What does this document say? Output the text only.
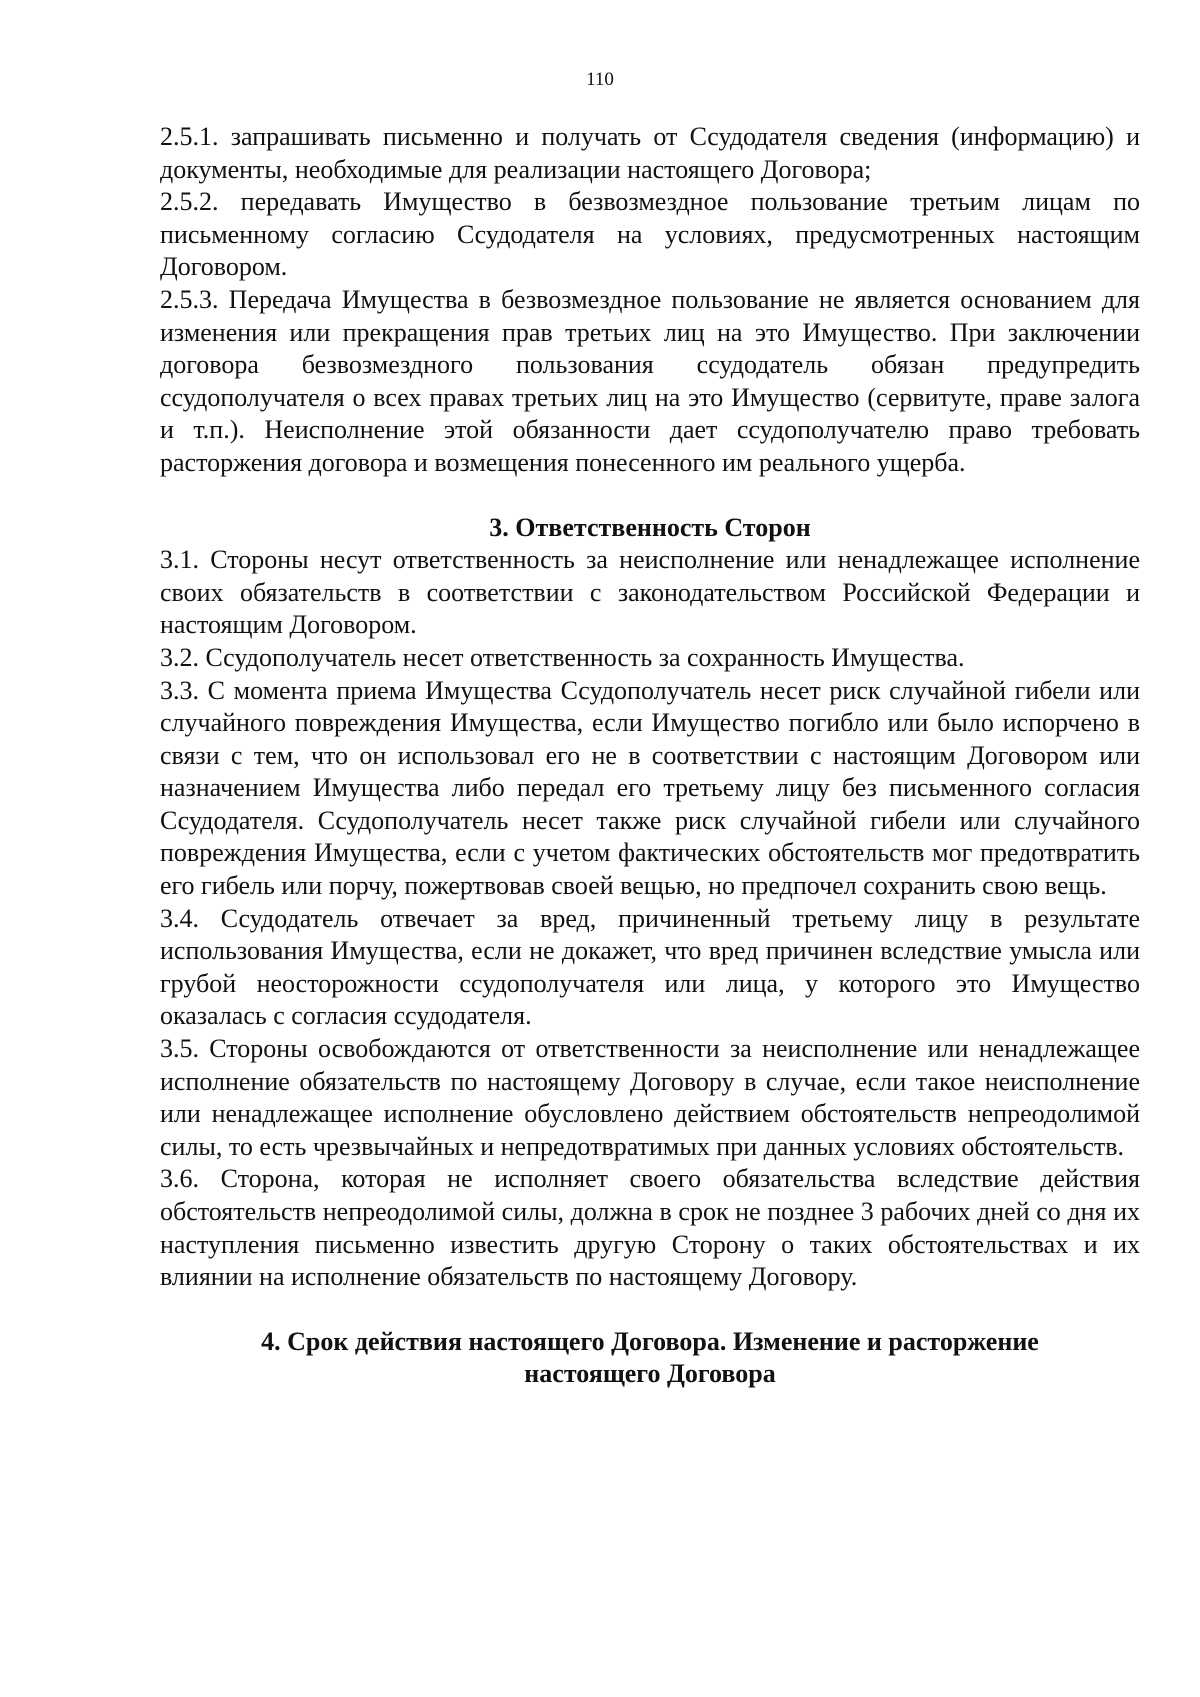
110

2.5.1. запрашивать письменно и получать от Ссудодателя сведения (информацию) и документы, необходимые для реализации настоящего Договора;

2.5.2. передавать Имущество в безвозмездное пользование третьим лицам по письменному согласию Ссудодателя на условиях, предусмотренных настоящим Договором.

2.5.3. Передача Имущества в безвозмездное пользование не является основанием для изменения или прекращения прав третьих лиц на это Имущество. При заключении договора безвозмездного пользования ссудодатель обязан предупредить ссудополучателя о всех правах третьих лиц на это Имущество (сервитуте, праве залога и т.п.). Неисполнение этой обязанности дает ссудополучателю право требовать расторжения договора и возмещения понесенного им реального ущерба.

3. Ответственность Сторон

3.1. Стороны несут ответственность за неисполнение или ненадлежащее исполнение своих обязательств в соответствии с законодательством Российской Федерации и настоящим Договором.

3.2. Ссудополучатель несет ответственность за сохранность Имущества.

3.3. С момента приема Имущества Ссудополучатель несет риск случайной гибели или случайного повреждения Имущества, если Имущество погибло или было испорчено в связи с тем, что он использовал его не в соответствии с настоящим Договором или назначением Имущества либо передал его третьему лицу без письменного согласия Ссудодателя. Ссудополучатель несет также риск случайной гибели или случайного повреждения Имущества, если с учетом фактических обстоятельств мог предотвратить его гибель или порчу, пожертвовав своей вещью, но предпочел сохранить свою вещь.

3.4. Ссудодатель отвечает за вред, причиненный третьему лицу в результате использования Имущества, если не докажет, что вред причинен вследствие умысла или грубой неосторожности ссудополучателя или лица, у которого это Имущество оказалась с согласия ссудодателя.

3.5. Стороны освобождаются от ответственности за неисполнение или ненадлежащее исполнение обязательств по настоящему Договору в случае, если такое неисполнение или ненадлежащее исполнение обусловлено действием обстоятельств непреодолимой силы, то есть чрезвычайных и непредотвратимых при данных условиях обстоятельств.

3.6. Сторона, которая не исполняет своего обязательства вследствие действия обстоятельств непреодолимой силы, должна в срок не позднее 3 рабочих дней со дня их наступления письменно известить другую Сторону о таких обстоятельствах и их влиянии на исполнение обязательств по настоящему Договору.

4. Срок действия настоящего Договора. Изменение и расторжение
настоящего Договора
